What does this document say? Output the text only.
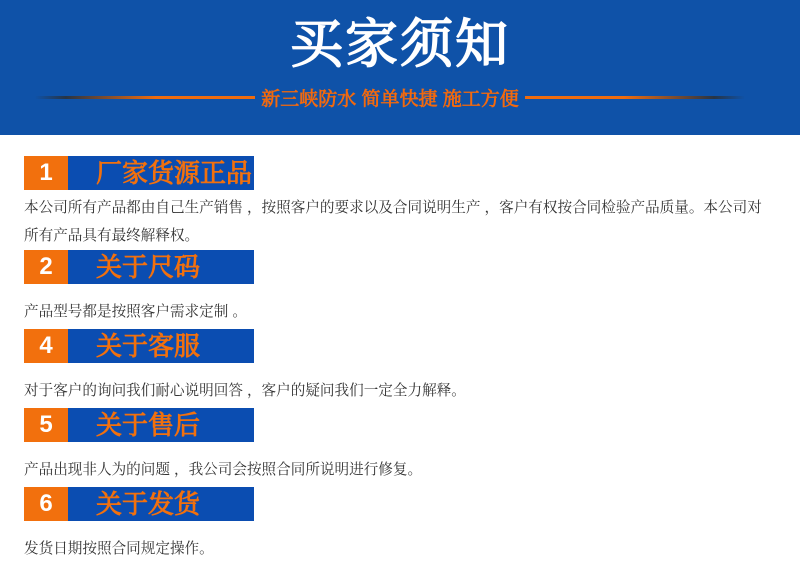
买家须知
新三峡防水 简单快捷 施工方便
1	厂家货源正品

本公司所有产品都由自己生产销售 ，按照客户的要求以及合同说明生产 ，客户有权按合同检验产品质量。本公司对所有产品具有最终解释权。

2	关于尺码

产品型号都是按照客户需求定制 。

4	关于客服

对于客户的询问我们耐心说明回答 ，客户的疑问我们一定全力解释。

5	关于售后

产品出现非人为的问题 ，我公司会按照合同所说明进行修复。

6	关于发货

发货日期按照合同规定操作。
